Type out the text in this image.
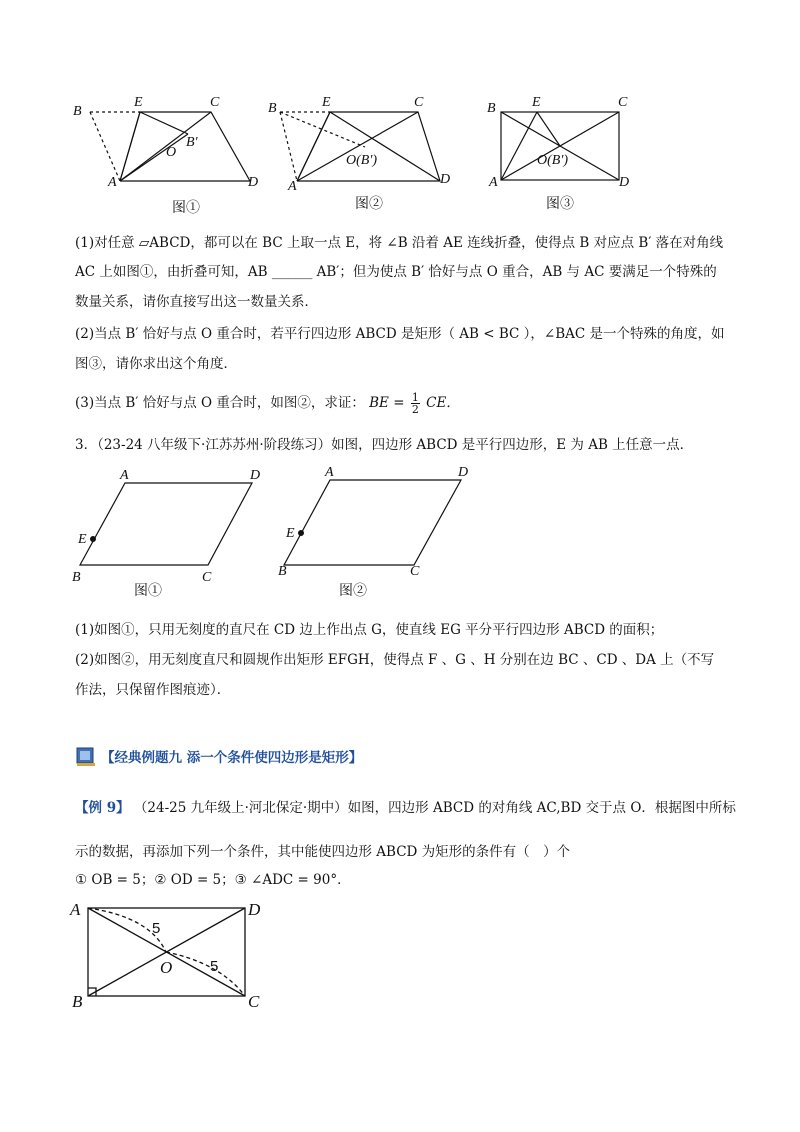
B
E	C
O
B′
A	D
图①
B	E	C
O(B′)
A	D
图②
B	E	C
O(B′)
A	D
图③
(1)对任意 ▱ABCD，都可以在 BC 上取一点 E，将 ∠B 沿着 AE 连线折叠，使得点 B 对应点 B′ 落在对角线
AC 上如图①，由折叠可知，AB ______ AB′；但为使点 B′ 恰好与点 O 重合，AB 与 AC 要满足一个特殊的
数量关系，请你直接写出这一数量关系．
(2)当点 B′ 恰好与点 O 重合时，若平行四边形 ABCD 是矩形（ AB < BC ），∠BAC 是一个特殊的角度，如
图③，请你求出这个角度．
(3)当点 B′ 恰好与点 O 重合时，如图②，求证： BE = $\frac{1}{2}$ CE．
3．（23-24 八年级下·江苏苏州·阶段练习）如图，四边形 ABCD 是平行四边形，E 为 AB 上任意一点．
A	D
E
B	C
图①
A	D
E
B	C
图②
(1)如图①，只用无刻度的直尺在 CD 边上作出点 G，使直线 EG 平分平行四边形 ABCD 的面积；
(2)如图②，用无刻度直尺和圆规作出矩形 EFGH，使得点 F 、G 、H 分别在边 BC 、CD 、DA 上（不写
作法，只保留作图痕迹）．
【经典例题九 添一个条件使四边形是矩形】
【例 9】 （24-25 九年级上·河北保定·期中）如图，四边形 ABCD 的对角线 AC,BD 交于点 O．根据图中所标
示的数据，再添加下列一个条件，其中能使四边形 ABCD 为矩形的条件有（　）个
① OB = 5；② OD = 5；③ ∠ADC = 90°．
5
5
A	D
O
B	C
